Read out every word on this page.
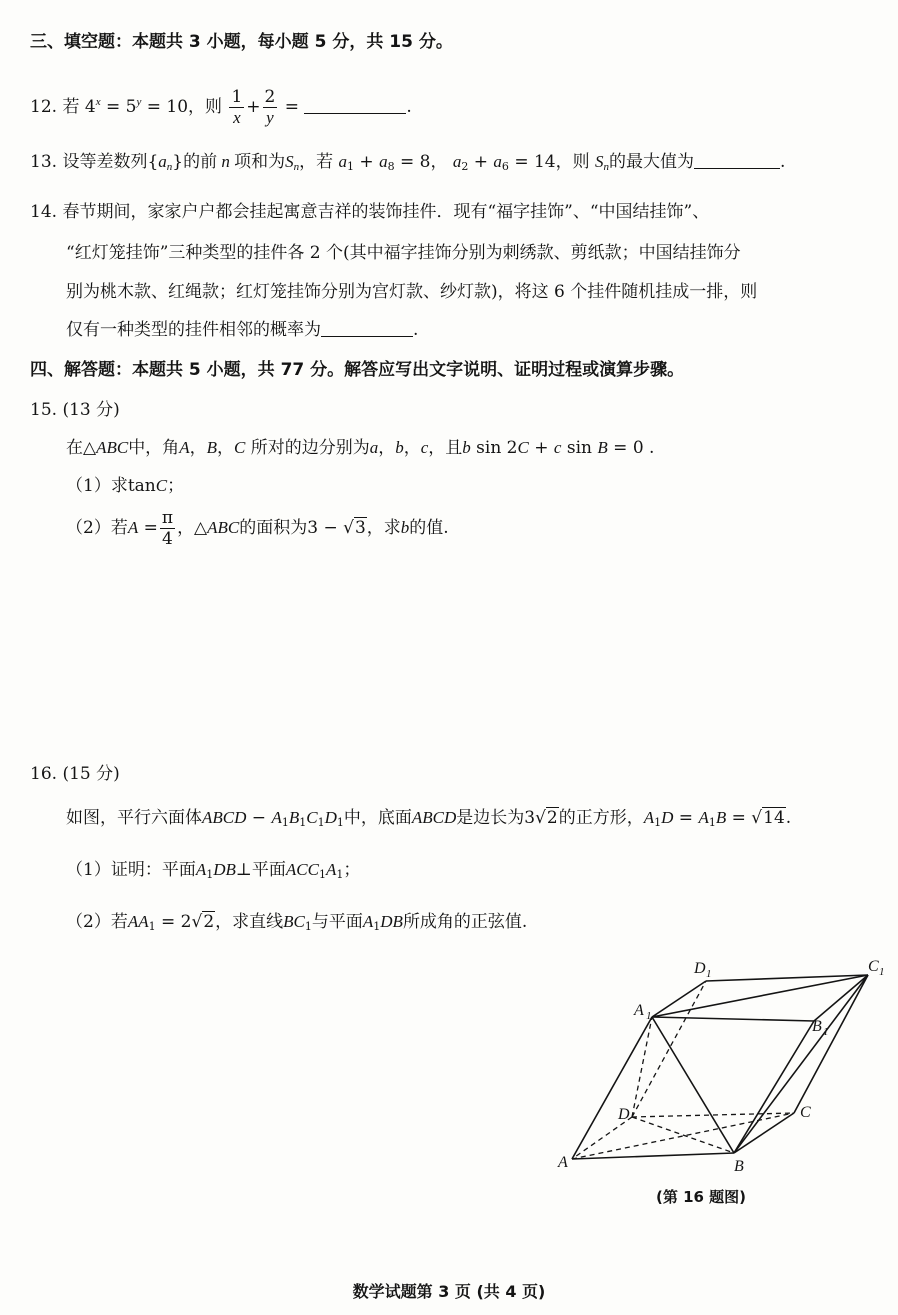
三、填空题：本题共 3 小题，每小题 5 分，共 15 分。
12. 若 $4^x = 5^y = 10$，则 $\frac{1}{x} + \frac{2}{y}$ =	.
13. 设等差数列$\{a_n\}$的前 n 项和为$S_n$，若 $a_1 + a_8 = 8$， $a_2 + a_6 = 14$，则 $S_n$的最大值为	.
14. 春节期间，家家户户都会挂起寓意吉祥的装饰挂件．现有“福字挂饰”、“中国结挂饰”、
“红灯笼挂饰”三种类型的挂件各 2 个(其中福字挂饰分别为刺绣款、剪纸款；中国结挂饰分
别为桃木款、红绳款；红灯笼挂饰分别为宫灯款、纱灯款)，将这 6 个挂件随机挂成一排，则
仅有一种类型的挂件相邻的概率为	.
四、解答题：本题共 5 小题，共 77 分。解答应写出文字说明、证明过程或演算步骤。
15. (13 分)
在△ABC中，角A，B，C 所对的边分别为a，b，c，且b sin 2C + c sin B = 0 .
（1）求tanC；
（2）若$A = \frac{\pi}{4}$ ，△ABC的面积为3 − √3，求b的值.
16. (15 分)
如图，平行六面体ABCD − $A_1B_1C_1D_1$中，底面ABCD是边长为3√2的正方形，$A_1D = A_1B = √14$.
（1）证明：平面$A_1DB\perp$平面$ACC_1A_1$；
（2）若$AA_1 = 2√2$，求直线$BC_1$与平面$A_1DB$所成角的正弦值.
A	B
C
D
A 1
B 1
C 1
D 1
(第 16 题图)
数学试题第 3 页 (共 4 页)
